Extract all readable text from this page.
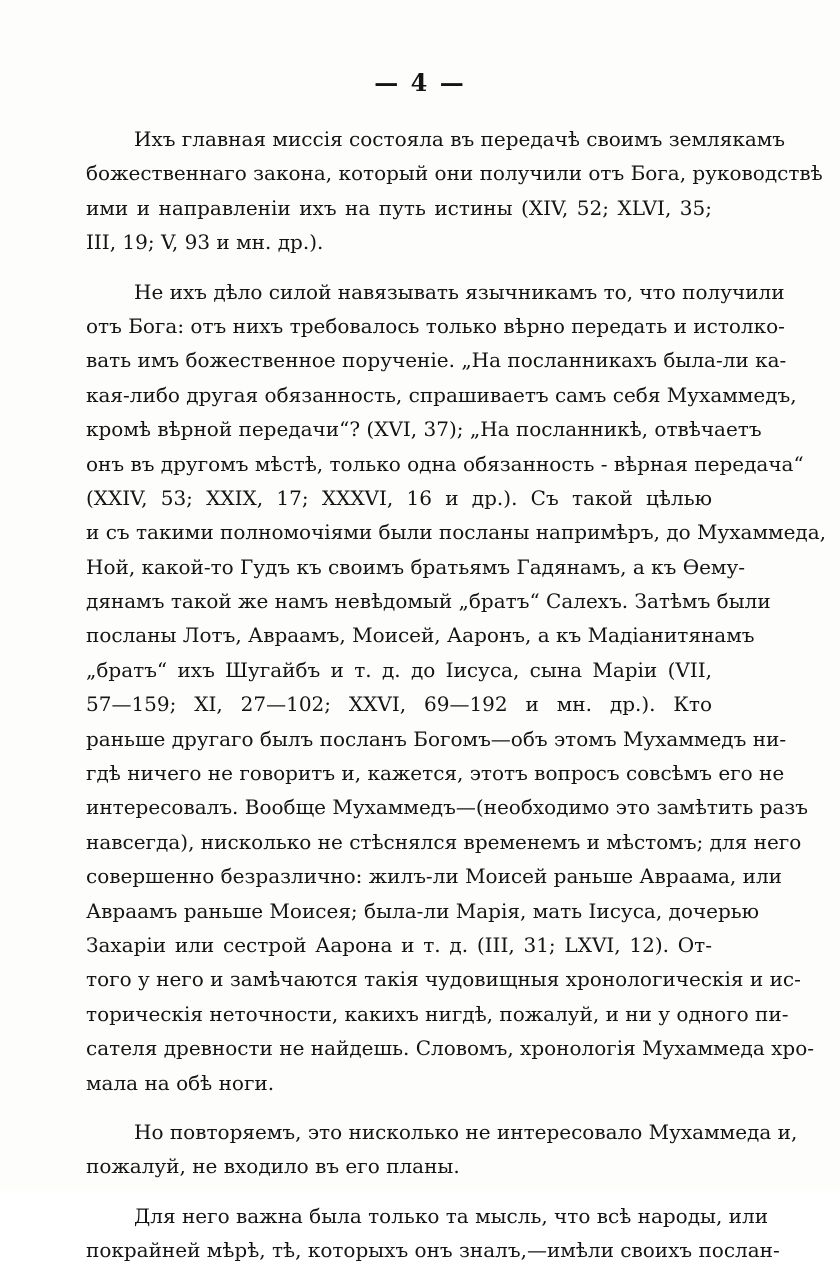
— 4 —
Ихъ главная миссія состояла въ передачѣ своимъ землякамъ
божественнаго закона, который они получили отъ Бога, руководствѣ
ими и направленіи ихъ на путь истины (XIV, 52; XLVI, 35;
III, 19; V, 93 и мн. др.).
Не ихъ дѣло силой навязывать язычникамъ то, что получили
отъ Бога: отъ нихъ требовалось только вѣрно передать и истолко-
вать имъ божественное порученіе. „На посланникахъ была-ли ка-
кая-либо другая обязанность, спрашиваетъ самъ себя Мухаммедъ,
кромѣ вѣрной передачи“? (XVI, 37); „На посланникѣ, отвѣчаетъ
онъ въ другомъ мѣстѣ, только одна обязанность - вѣрная передача“
(XXIV, 53; XXIX, 17; XXXVI, 16 и др.). Съ такой цѣлью
и съ такими полномочіями были посланы напримѣръ, до Мухаммеда,
Ной, какой-то Гудъ къ своимъ братьямъ Гадянамъ, а къ Ѳему-
дянамъ такой же намъ невѣдомый „братъ“ Салехъ. Затѣмъ были
посланы Лотъ, Авраамъ, Моисей, Ааронъ, а къ Мадіанитянамъ
„братъ“ ихъ Шугайбъ и т. д. до Іисуса, сына Маріи (VII,
57—159; XI, 27—102; XXVI, 69—192 и мн. др.). Кто
раньше другаго былъ посланъ Богомъ—объ этомъ Мухаммедъ ни-
гдѣ ничего не говоритъ и, кажется, этотъ вопросъ совсѣмъ его не
интересовалъ. Вообще Мухаммедъ—(необходимо это замѣтить разъ
навсегда), нисколько не стѣснялся временемъ и мѣстомъ; для него
совершенно безразлично: жилъ-ли Моисей раньше Авраама, или
Авраамъ раньше Моисея; была-ли Марія, мать Іисуса, дочерью
Захаріи или сестрой Аарона и т. д. (III, 31; LXVI, 12). От-
того у него и замѣчаются такія чудовищныя хронологическія и ис-
торическія неточности, какихъ нигдѣ, пожалуй, и ни у одного пи-
сателя древности не найдешь. Словомъ, хронологія Мухаммеда хро-
мала на обѣ ноги.
Но повторяемъ, это нисколько не интересовало Мухаммеда и,
пожалуй, не входило въ его планы.
Для него важна была только та мысль, что всѣ народы, или
покрайней мѣрѣ, тѣ, которыхъ онъ зналъ,—имѣли своихъ послан-
